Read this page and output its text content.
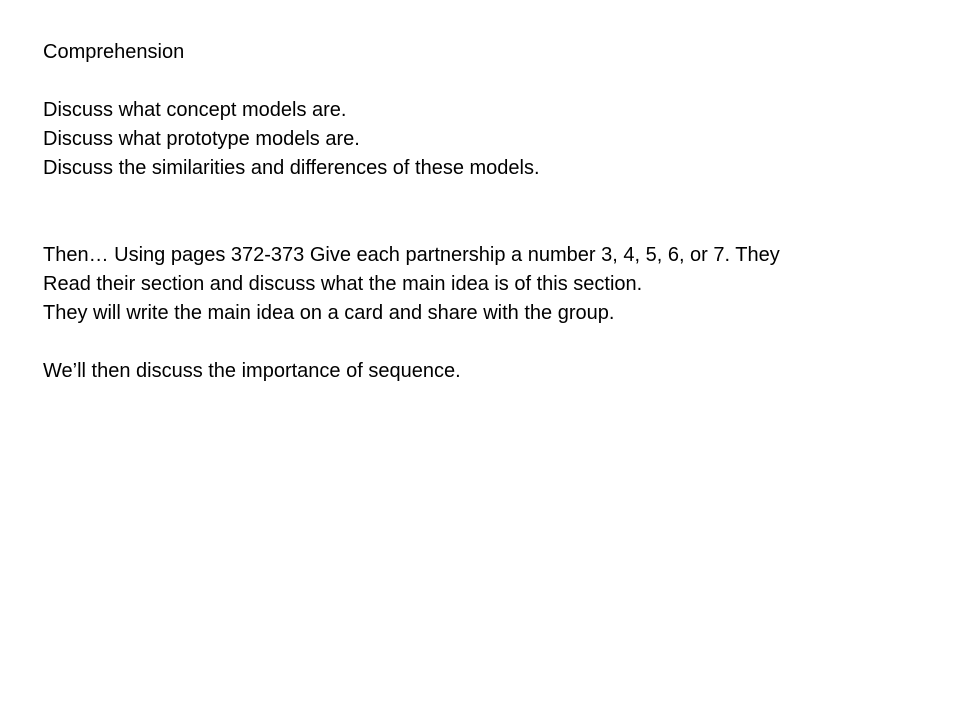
Comprehension
Discuss what concept models are.
Discuss what prototype models are.
Discuss the similarities and differences of these models.
Then… Using pages 372-373 Give each partnership a number 3, 4, 5, 6, or 7. They
Read their section and discuss what the main idea is of this section.
They will write the main idea on a card and share with the group.
We’ll then discuss the importance of sequence.
